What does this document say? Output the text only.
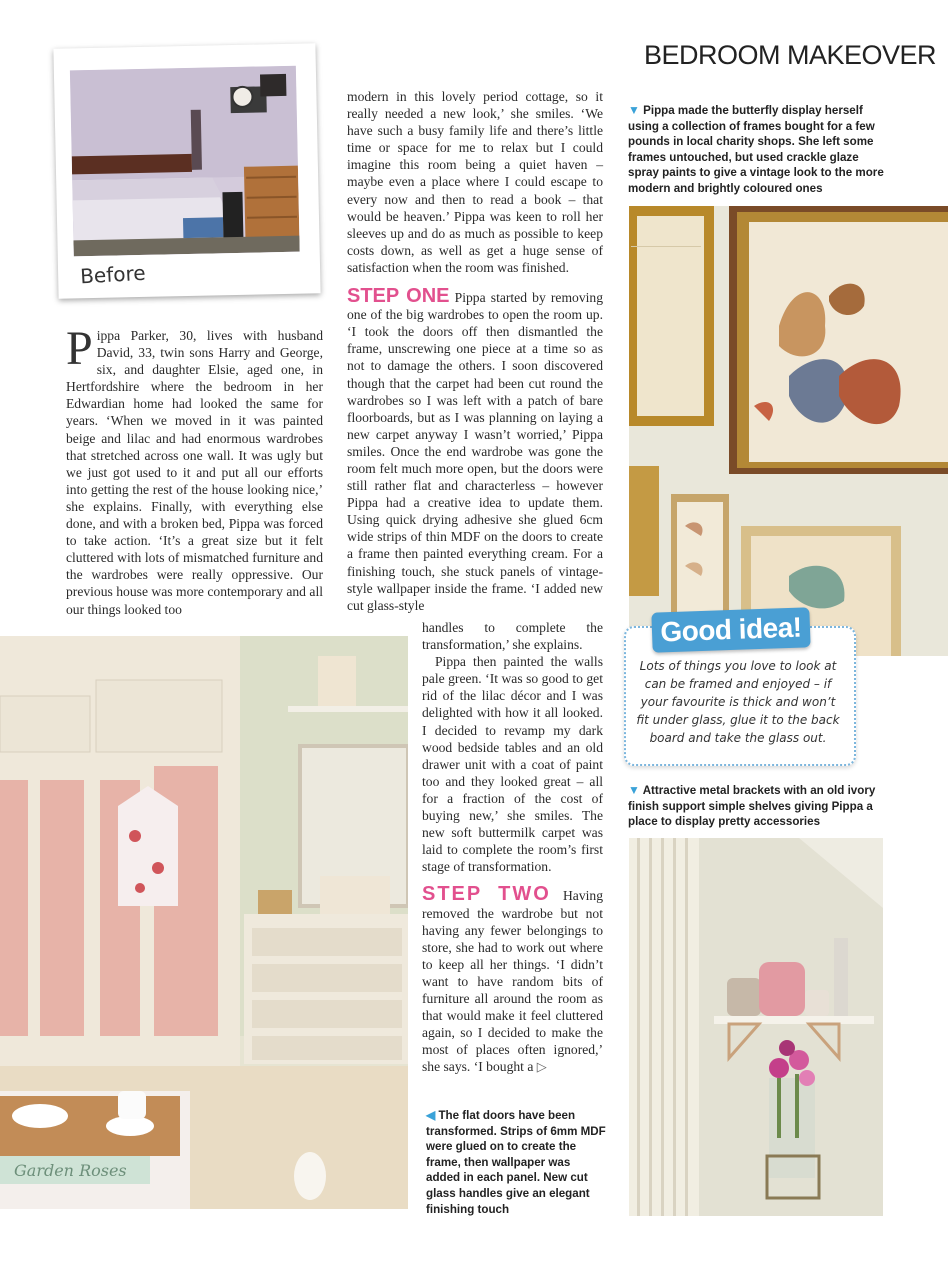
BEDROOM MAKEOVER
Before

Pippa Parker, 30, lives with husband David, 33, twin sons Harry and George, six, and daughter Elsie, aged one, in Hertfordshire where the bedroom in her Edwardian home had looked the same for years. ‘When we moved in it was painted beige and lilac and had enormous wardrobes that stretched across one wall. It was ugly but we just got used to it and put all our efforts into getting the rest of the house looking nice,’ she explains. Finally, with everything else done, and with a broken bed, Pippa was forced to take action. ‘It’s a great size but it felt cluttered with lots of mismatched furniture and the wardrobes were really oppressive. Our previous house was more contemporary and all our things looked too

modern in this lovely period cottage, so it really needed a new look,’ she smiles. ‘We have such a busy family life and there’s little time or space for me to relax but I could imagine this room being a quiet haven – maybe even a place where I could escape to every now and then to read a book – that would be heaven.’ Pippa was keen to roll her sleeves up and do as much as possible to keep costs down, as well as get a huge sense of satisfaction when the room was finished.

STEP ONE Pippa started by removing one of the big wardrobes to open the room up. ‘I took the doors off then dismantled the frame, unscrewing one piece at a time so as not to damage the others. I soon discovered though that the carpet had been cut round the wardrobes so I was left with a patch of bare floorboards, but as I was planning on laying a new carpet anyway I wasn’t worried,’ Pippa smiles. Once the end wardrobe was gone the room felt much more open, but the doors were still rather flat and characterless – however Pippa had a creative idea to update them. Using quick drying adhesive she glued 6cm wide strips of thin MDF on the doors to create a frame then painted everything cream. For a finishing touch, she stuck panels of vintage-style wallpaper inside the frame. ‘I added new cut glass-style

handles to complete the transformation,’ she explains.

Pippa then painted the walls pale green. ‘It was so good to get rid of the lilac décor and I was delighted with how it all looked. I decided to revamp my dark wood bedside tables and an old drawer unit with a coat of paint too and they looked great – all for a fraction of the cost of buying new,’ she smiles. The new soft buttermilk carpet was laid to complete the room’s first stage of transformation.

STEP TWO Having removed the wardrobe but not having any fewer belongings to store, she had to work out where to keep all her things. ‘I didn’t want to have random bits of furniture all around the room as that would make it feel cluttered again, so I decided to make the most of places often ignored,’ she says. ‘I bought a ▷

▼ Pippa made the butterfly display herself using a collection of frames bought for a few pounds in local charity shops. She left some frames untouched, but used crackle glaze spray paints to give a vintage look to the more modern and brightly coloured ones

Good idea!
Lots of things you love to look at can be framed and enjoyed – if your favourite is thick and won’t fit under glass, glue it to the back board and take the glass out.

▼ Attractive metal brackets with an old ivory finish support simple shelves giving Pippa a place to display pretty accessories

Garden Roses

◀ The flat doors have been transformed. Strips of 6mm MDF were glued on to create the frame, then wallpaper was added in each panel. New cut glass handles give an elegant finishing touch
